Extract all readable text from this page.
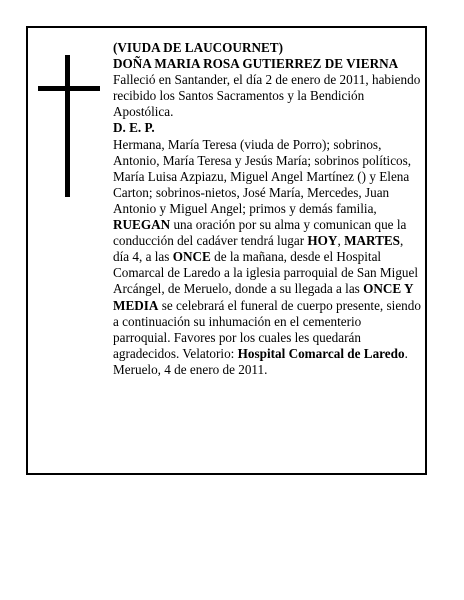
(VIUDA DE LAUCOURNET)

DOÑA MARIA ROSA GUTIERREZ DE VIERNA

Falleció en Santander, el día 2 de enero de 2011, habiendo recibido los Santos Sacramentos y la Bendición Apostólica.

D. E. P.

Hermana, María Teresa (viuda de Porro); sobrinos, Antonio, María Teresa y Jesús María; sobrinos políticos, María Luisa Azpiazu, Miguel Angel Martínez () y Elena Carton; sobrinos-nietos, José María, Mercedes, Juan Antonio y Miguel Angel; primos y demás familia,

RUEGAN una oración por su alma y comunican que la conducción del cadáver tendrá lugar HOY, MARTES, día 4, a las ONCE de la mañana, desde el Hospital Comarcal de Laredo a la iglesia parroquial de San Miguel Arcángel, de Meruelo, donde a su llegada a las ONCE Y MEDIA se celebrará el funeral de cuerpo presente, siendo a continuación su inhumación en el cementerio parroquial. Favores por los cuales les quedarán agradecidos. Velatorio: Hospital Comarcal de Laredo.

Meruelo, 4 de enero de 2011.
